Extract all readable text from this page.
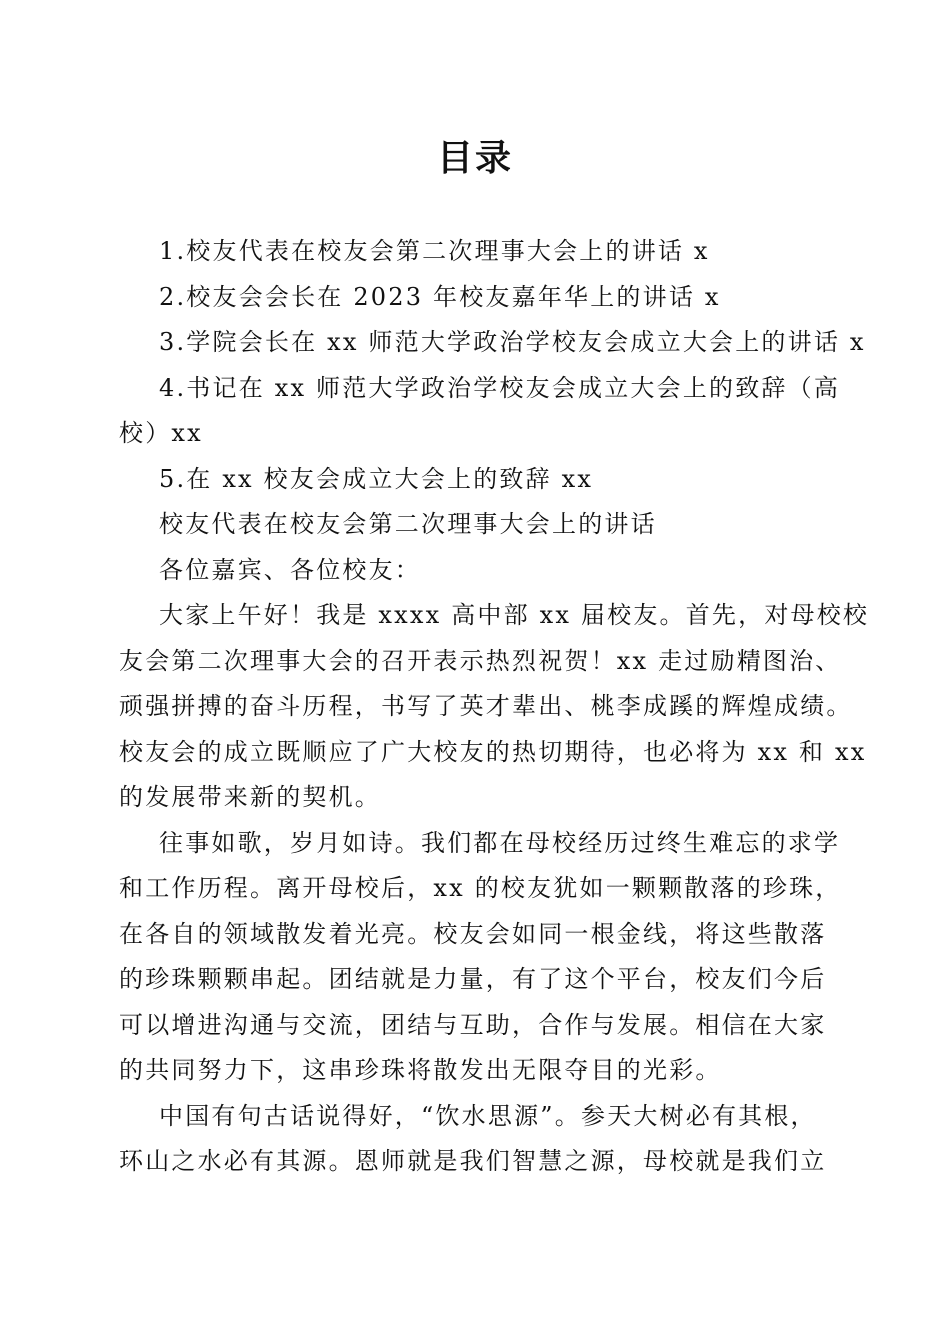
目录

1.校友代表在校友会第二次理事大会上的讲话 x

2.校友会会长在 2023 年校友嘉年华上的讲话 x

3.学院会长在 xx 师范大学政治学校友会成立大会上的讲话 x

4.书记在 xx 师范大学政治学校友会成立大会上的致辞（高

校）xx

5.在 xx 校友会成立大会上的致辞 xx

校友代表在校友会第二次理事大会上的讲话

各位嘉宾、各位校友：

大家上午好！我是 xxxx 高中部 xx 届校友。首先，对母校校

友会第二次理事大会的召开表示热烈祝贺！xx 走过励精图治、

顽强拼搏的奋斗历程，书写了英才辈出、桃李成蹊的辉煌成绩。

校友会的成立既顺应了广大校友的热切期待，也必将为 xx 和 xx

的发展带来新的契机。

往事如歌，岁月如诗。我们都在母校经历过终生难忘的求学

和工作历程。离开母校后，xx 的校友犹如一颗颗散落的珍珠，

在各自的领域散发着光亮。校友会如同一根金线，将这些散落

的珍珠颗颗串起。团结就是力量，有了这个平台，校友们今后

可以增进沟通与交流，团结与互助，合作与发展。相信在大家

的共同努力下，这串珍珠将散发出无限夺目的光彩。

中国有句古话说得好，“饮水思源”。参天大树必有其根，

环山之水必有其源。恩师就是我们智慧之源，母校就是我们立
